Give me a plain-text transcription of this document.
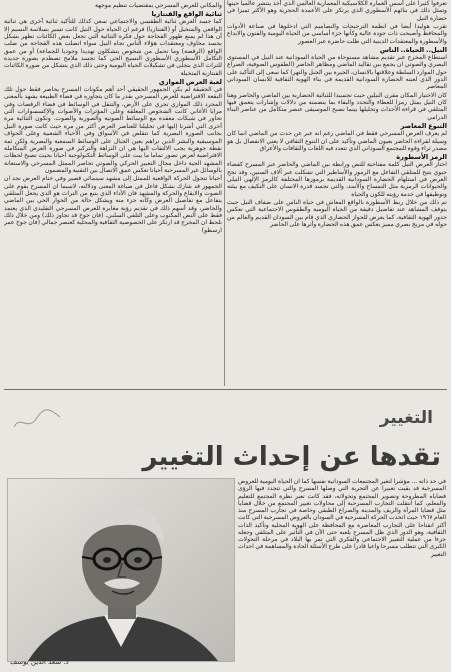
والمكاني للعرض المسرحي بمقتضيات تنظيم موجهة

ثنائية الواقع والفنتازيا

كما جسد العرض ثنائية الطقسي والاجتماعي سعي كذلك للتأكيد ثنائية أخرى هي ثنائية الواقعي والمتخيل أو (الفنتازيا) فرغم ان الحياة حول النيل كانت تسير بسلاسة النسيم إلا أن هذا لم يمنع ظهور الفجاجة حول فكرة الثنائية التي تجعل بعض الكائنات تظهر بشكل يجسد مخاوف ومعتقدات هؤلاء الناس تجاه النيل سواء اتصلت هذه الفجاجة من صلب الواقع (الرقصة) وما تحمل من شخوص يتشكلون تهديدا وجوديا للجماعة) أو من عمق التكامل الأسطوري الأسطوري النسيج الحي كما تجسد ملامح تصطدم بصورة جديدة للتراث الذي يتجلى في تشكيلات الحياة اليومية وحتى ذلك الذي يتشكل من صورة الكائنات الفنتازية المتخيلة

لعبة العرض الموازي

في الحقيقة لم يكن الجمهور الحقيقي أحد أهم مكونات المسرح يحاصر فقط حول تلك البقعة الافتراضية للعرض المسرحي بقدر ما كان يتجاوزه في فضاء الطبيعة يشهد بالمعنى المجرد ذلك الموازي تجري على الأرض، والتنقل في الوسائط في فضاء الرقصات وفي مرايا الأغاني كانت الشخوص المعلقة وعلى المؤثرات والأصوات والإكسسوارات التي تحاور في شبكات معقدة مع الوسائط الصوتية والصورية والصوت. وتكون الثنائية مرة أخرى التي أشرنا إليها في تحليلنا للعناصر العرض أكثر من مرة حيث كانت صورة النيل بجانب الصورة البصرية كما تتقلص في الأسواق وفي الأحياء الشعبية وعلى الحواف الموسيقية والبشر الذين تراهم بعين الجبال على الوسائط السمعية والبصرية ولكن ثمة نقطة جوهرية يجب الالتفات اليها هي ان النزاهة والتركيز في صورة العرض المتكاملة الافتراضية لعرض تصور تماما ما بيت على الوسائط التكنولوجية أحيانا بحيث تصبح لحظات المشهد الحية داخل مجال التعبير الحركي والصوتي تحاصر الممثل المسرحي والاستعانة بالوسائل غير المسرحية أحيانا تعكس عمق الاتصال بين التقنية والمضمون

أحيانا تتحول الحركة الواقعية للممثل إلى مشهد سينمائي قصير وفي ختام العرض نجد ان الجمهور قد شارك بشكل فاعل في صياغة المعنى ودلالته، لاسيما ان المسرح يقوم على الصوت والايقاع والحركة والمشهد فان الأداء الذي ينبع من التراث هو الذي يجعل المتلقي يتفاعل مع تفاصيل العرض وكأنه جزء منه ويشكل حالة من الحوار الحي بين الماضي والحاضر، وقد أسهم ذلك في تقديم رؤية مغايرة للعرض المسرحي التقليدي الذي يعتمد فقط على النص المكتوب وعلى التلقي السلبي. (فان جوخ قد تجاوز ذلك) ومن خلال ذلك نلحظ ان المخرج قد ارتكز على الخصوصية الثقافية والمحلية كعنصر جمالي (فان جوخ عمر ارسطو)

تعرفوا كثيرا على أسس العمارة الكلاسيكية المعمارية العالمي الذي أخذ ينتشر عالميا حينها وتمثل ذلك في بنائهم الأسطوري الذي يرتكز على الأعمدة الحجرية وهو الأكثر تميزا في حضارة النيل

تقرب هوليدا أيضا في انظمة الترجيحات والتصاميم التي ادخلوها في صناعة الأدوات والمحافظ وأصبحت ذات جودة عالية وكأنها جزء أساسي من الحياة اليومية والفنون والابداع والأسطورة والمعتقدات الدينية التي ظلت حاضرة عبر العصور

النيل.. الحياة.. الناس

استطاع المخرج عبر تقديم مشاهد مستوحاة من الحياة السودانية عند النيل في المستوى البصري والصوتي ان يجمع بين تقاليد الماضي ومظاهر الحاضر (الطقوس الصوفية، الصراع حول الموارد السلطة وعلاقتها بالانسان، الجيرة بين الجبل والنهر) كما سعى إلى التأكيد على الدور الذي لعبته الحضارة السودانية القديمة في بناء الهوية الثقافية للانسان السوداني المعاصر

كان الاختيار المكان مقرن النيلين حيث تجسيدا للثنائية الحضارية بين الماضي والحاضر وهنا كان النيل يمثل رمزا للعطاء والتجدد والبقاء بما يتضمنه من دلالات وإشارات يتعمق فيها المتلقي في قراءة الأحداث وتحليلها بينما تصبح الموسيقى عنصر متكامل من عناصر البناء الدرامي

التنوع المعاصر

لم يعرف العرض المسرحي فقط في الماضي رغم انه عبر عن حدث من الماضي انما كان وسيلة لقراءة الحاضر بعيون الماضي وتأكيد على ان التنوع الثقافي لا يعني الانفصال بل هو مصدر ثراء وقوة للمجتمع السوداني الذي تتعدد فيه اللغات والثقافات والأعراق

الرمز الأسطورة

اختار العرض النيل كلمة مفتاحية للنص ورابطة بين الماضي والحاضر عبر المسرح كفضاء حيوي يتيح للمتلقي التفاعل مع الرموز والأساطير التي تشكلت عبر آلاف السنين، وقد نجح العرض في استلهام الحضارة السودانية القديمة برموزها المختلفة كالرمز الإلهي النيلي والحيوانات الرمزية مثل التمساح والأسد، والتي تجسد قدرة الانسان على التكيف مع بيئته وتوظيفها في خدمة رؤيته للكون والحياة

تم ذلك من خلال ربط الأسطورة بالواقع المعاش في حياة الناس على ضفاف النيل حيث يتوقف المشاهد عند تفاصيل دقيقة من الحياة اليومية والطقوس الاجتماعية التي تعكس جذور الهوية الثقافية، كما يعرض للحوار الحضاري الذي قام بين السودان القديم والعالم من حوله في مزيج بصري مميز يعكس عمق هذه الحضارة وأثرها على الحاضر

التغيير
تقدها عن إحداث التغيير
د. سعد الدين يوسف

في حد ذاته ... مؤشرا لتغير المجتمعات السودانية نفسها كما ان الحياة اليومية للعروض المسرحية قد بقيت تعبيرا عن التجربة التي وصلها المسرح والتي تتجدد فيها الرؤى قضاياه المطروحة وتصوير المجتمع وتحولاته، فقد كانت تعبر نظرة المجتمع للتعليم والمعلم، كما انتقلت التجارب المسرحية إلى محاولات تغيير المجتمع من خلال قضايا مثل قضايا المرأة والريف والمدينة والصراع الطبقي وخاصة في تجارب المسرح منذ العام ١٩٦٧ حيث اتخذت الحركة المسرحية في السودان بالعروض المسرحية التي كانت أكثر انفتاحا على التجارب المعاصرة مع المحافظة على الهوية المحلية وتأكيد الذات الثقافية، وهو الدور الذي ظل المسرح يلعبه حتى الآن في التأثير على المتلقي وجعله جزءا من عملية التغيير الاجتماعي والفكري التي تمر بها البلاد في مرحلة التحولات الكبرى التي تتطلب مسرحا واعيا قادرا على طرح الأسئلة الجادة والمساهمة في احداث التغيير
